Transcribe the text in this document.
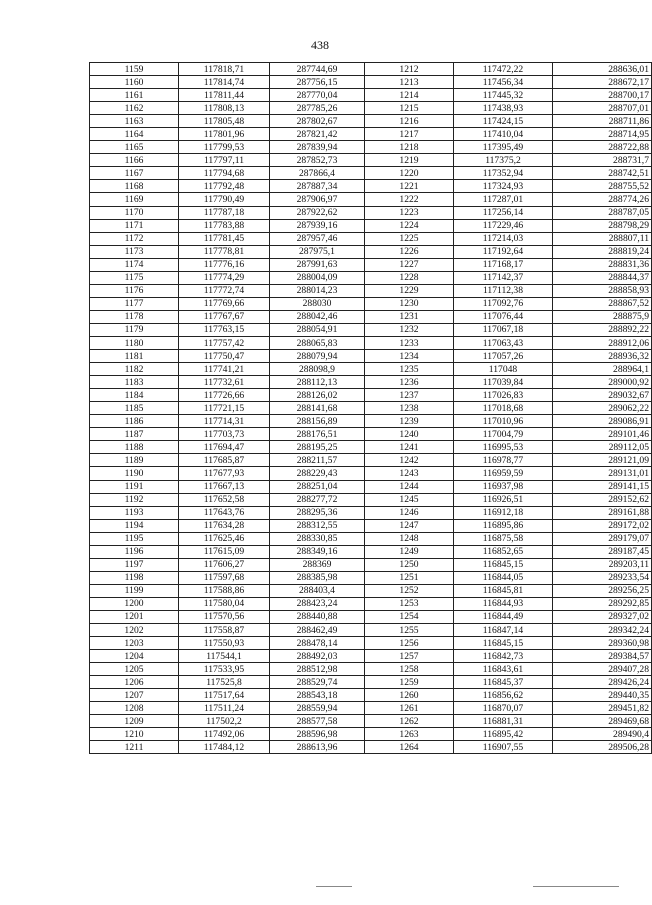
438
1159	117818,71	287744,69	1212	117472,22	288636,01
1160	117814,74	287756,15	1213	117456,34	288672,17
1161	117811,44	287770,04	1214	117445,32	288700,17
1162	117808,13	287785,26	1215	117438,93	288707,01
1163	117805,48	287802,67	1216	117424,15	288711,86
1164	117801,96	287821,42	1217	117410,04	288714,95
1165	117799,53	287839,94	1218	117395,49	288722,88
1166	117797,11	287852,73	1219	117375,2	288731,7
1167	117794,68	287866,4	1220	117352,94	288742,51
1168	117792,48	287887,34	1221	117324,93	288755,52
1169	117790,49	287906,97	1222	117287,01	288774,26
1170	117787,18	287922,62	1223	117256,14	288787,05
1171	117783,88	287939,16	1224	117229,46	288798,29
1172	117781,45	287957,46	1225	117214,03	288807,11
1173	117778,81	287975,1	1226	117192,64	288819,24
1174	117776,16	287991,63	1227	117168,17	288831,36
1175	117774,29	288004,09	1228	117142,37	288844,37
1176	117772,74	288014,23	1229	117112,38	288858,93
1177	117769,66	288030	1230	117092,76	288867,52
1178	117767,67	288042,46	1231	117076,44	288875,9
1179	117763,15	288054,91	1232	117067,18	288892,22
1180	117757,42	288065,83	1233	117063,43	288912,06
1181	117750,47	288079,94	1234	117057,26	288936,32
1182	117741,21	288098,9	1235	117048	288964,1
1183	117732,61	288112,13	1236	117039,84	289000,92
1184	117726,66	288126,02	1237	117026,83	289032,67
1185	117721,15	288141,68	1238	117018,68	289062,22
1186	117714,31	288156,89	1239	117010,96	289086,91
1187	117703,73	288176,51	1240	117004,79	289101,46
1188	117694,47	288195,25	1241	116995,53	289112,05
1189	117685,87	288211,57	1242	116978,77	289121,09
1190	117677,93	288229,43	1243	116959,59	289131,01
1191	117667,13	288251,04	1244	116937,98	289141,15
1192	117652,58	288277,72	1245	116926,51	289152,62
1193	117643,76	288295,36	1246	116912,18	289161,88
1194	117634,28	288312,55	1247	116895,86	289172,02
1195	117625,46	288330,85	1248	116875,58	289179,07
1196	117615,09	288349,16	1249	116852,65	289187,45
1197	117606,27	288369	1250	116845,15	289203,11
1198	117597,68	288385,98	1251	116844,05	289233,54
1199	117588,86	288403,4	1252	116845,81	289256,25
1200	117580,04	288423,24	1253	116844,93	289292,85
1201	117570,56	288440,88	1254	116844,49	289327,02
1202	117558,87	288462,49	1255	116847,14	289342,24
1203	117550,93	288478,14	1256	116845,15	289360,98
1204	117544,1	288492,03	1257	116842,73	289384,57
1205	117533,95	288512,98	1258	116843,61	289407,28
1206	117525,8	288529,74	1259	116845,37	289426,24
1207	117517,64	288543,18	1260	116856,62	289440,35
1208	117511,24	288559,94	1261	116870,07	289451,82
1209	117502,2	288577,58	1262	116881,31	289469,68
1210	117492,06	288596,98	1263	116895,42	289490,4
1211	117484,12	288613,96	1264	116907,55	289506,28
